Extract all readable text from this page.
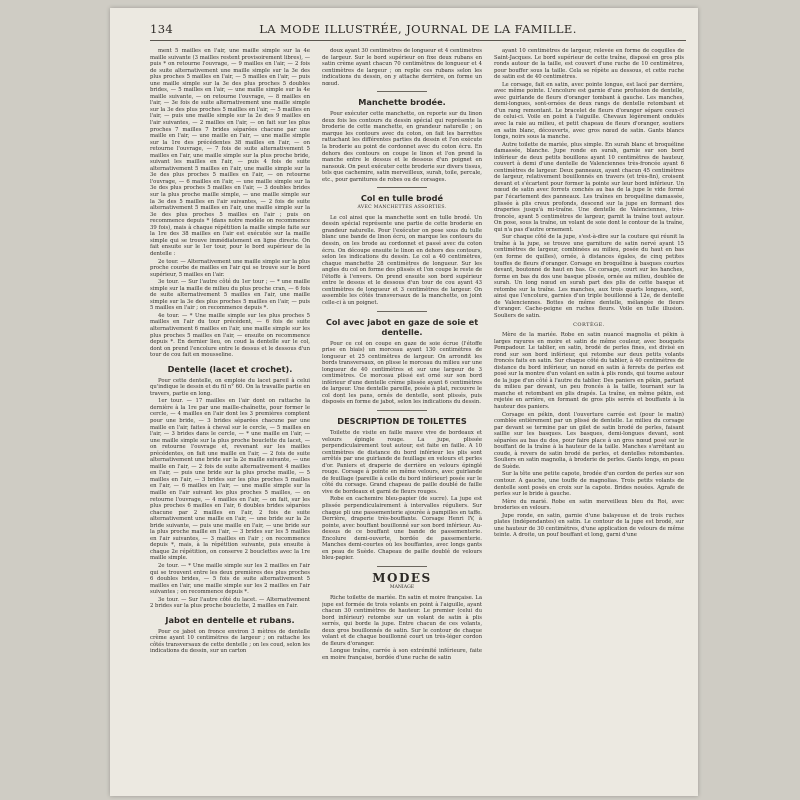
134	LA MODE ILLUSTRÉE, JOURNAL DE LA FAMILLE.

ment 5 mailles en l'air, une maille simple sur la 4e maille suivante (3 mailles restent provisoirement libres), — puis * on retourne l'ouvrage, — 9 mailles en l'air, — 2 fois de suite alternativement une maille simple sur la 3e des plus proches 5 mailles en l'air, — 5 mailles en l'air, — puis une maille simple sur la 3e des plus proches 5 doubles brides, — 5 mailles en l'air, — une maille simple sur la 4e maille suivante, — on retourne l'ouvrage, — 8 mailles en l'air, — 3e fois de suite alternativement une maille simple sur la 3e des plus proches 5 mailles en l'air, — 5 mailles en l'air, — puis une maille simple sur la 2e des 9 mailles en l'air suivantes, — 2 mailles en l'air, — on fait sur les plus proches 7 mailles 7 brides séparées chacune par une maille en l'air, — une maille en l'air, — une maille simple sur la 1re des précédentes 38 mailles en l'air, — on retourne l'ouvrage, — 7 fois de suite alternativement 5 mailles en l'air, une maille simple sur la plus proche bride, suivant les mailles en l'air, — puis 4 fois de suite alternativement 5 mailles en l'air, une maille simple sur la 3e des plus proches 5 mailles en l'air, — on retourne l'ouvrage, — 6 mailles en l'air, — une maille simple sur la 3e des plus proches 5 mailles en l'air, — 3 doubles brides sur la plus proche maille simple, — une maille simple sur la 3e des 5 mailles en l'air suivantes, — 2 fois de suite alternativement 5 mailles en l'air, une maille simple sur la 3e des plus proches 5 mailles en l'air ; puis on recommence depuis * (dans notre modèle on recommence 39 fois), mais à chaque répétition la maille simple faite sur la 1re des 38 mailles en l'air est exécutée sur la maille simple qui se trouve immédiatement en ligne directe. On fait ensuite sur le 1er tour, pour le bord supérieur de la dentelle :

2e tour. — Alternativement une maille simple sur la plus proche courbe de mailles en l'air qui se trouve sur le bord supérieur, 5 mailles en l'air.

3e tour. — Sur l'autre côté du 1er tour ; — * une maille simple sur la maille de milieu du plus proche cran, — 6 fois de suite alternativement 5 mailles en l'air, une maille simple sur la 3e des plus proches 5 mailles en l'air, — puis 5 mailles en l'air ; on recommence depuis *.

4e tour. — * Une maille simple sur les plus proches 5 mailles en l'air du tour précédent, — 6 fois de suite alternativement 6 mailles en l'air, une maille simple sur les plus proches 5 mailles en l'air, — ensuite on recommence depuis *. En dernier lieu, on coud la dentelle sur le col, dont on prend l'encolure entre le dessus et le dessous d'un tour de cou fait en mousseline.

Dentelle (lacet et crochet).

Pour cette dentelle, on emploie du lacet pareil à celui qu'indique le dessin et du fil n° 60. On la travaille partie en travers, partie en long.

1er tour. — 17 mailles en l'air dont on rattache la dernière à la 1re par une maille-chaînette, pour former le cercle, — 4 mailles en l'air dont les 3 premières comptent pour une bride, — 3 brides séparées chacune par une maille en l'air, faites à cheval sur le cercle, — 5 mailles en l'air, — 3 brides dans le cercle, — * une maille en l'air, — une maille simple sur la plus proche bouclette du lacet, — on retourne l'ouvrage et, revenant sur les mailles précédentes, on fait une maille en l'air, — 2 fois de suite alternativement une bride sur la 2e maille suivante, — une maille en l'air, — 2 fois de suite alternativement 4 mailles en l'air, — puis une bride sur la plus proche maille, — 5 mailles en l'air, — 3 brides sur les plus proches 5 mailles en l'air, — 6 mailles en l'air, — une maille simple sur la maille en l'air suivant les plus proches 5 mailles, — on retourne l'ouvrage, — 4 mailles en l'air, — on fait, sur les plus proches 6 mailles en l'air, 6 doubles brides séparées chacune par 2 mailles en l'air, 2 fois de suite alternativement une maille en l'air, — une bride sur la 2e bride suivante, — puis une maille en l'air, — une bride sur la plus proche maille en l'air, — 3 brides sur les 5 mailles en l'air suivantes, — 3 mailles en l'air ; on recommence depuis *, mais, à la répétition suivante, puis ensuite à chaque 2e répétition, on conserve 2 bouclettes avec la 1re maille simple.

2e tour. — * Une maille simple sur les 2 mailles en l'air qui se trouvent entre les deux premières des plus proches 6 doubles brides, — 5 fois de suite alternativement 5 mailles en l'air, une maille simple sur les 2 mailles en l'air suivantes ; on recommence depuis *.

3e tour. — Sur l'autre côté du lacet. — Alternativement 2 brides sur la plus proche bouclette, 2 mailles en l'air.

Jabot en dentelle et rubans.

Pour ce jabot on fronce environ 3 mètres de dentelle crème ayant 10 centimètres de largeur ; on rattache les côtés transversaux de cette dentelle ; on les coud, selon les indications du dessin, sur un carton

doux ayant 30 centimètres de longueur et 4 centimètres de largeur. Sur le bord supérieur on fixe deux rubans en satin crème ayant chacun 70 centimètres de longueur et 4 centimètres de largeur ; on replie ces rubans selon les indications du dessin, on y attache derrière, on forme un nœud.

Manchette brodée.

Pour exécuter cette manchette, on reporte sur du linon deux fois les contours du dessin spécial qui représente la broderie de cette manchette, en grandeur naturelle ; on marque les contours avec du coton, on fait les barrettes rattachant les différentes parties du dessin et l'on exécute la broderie au point de cordonnet avec du coton écru. En dehors des contours on coupe le linon et l'on prend la manche entre le dessus et le dessous d'un poignet en nansouk. On peut exécuter cette broderie sur divers tissus, tels que cachemire, satin merveilleux, surah, toile, percale, etc., pour garnitures de robes ou de corsages.

Col en tulle brodé
AVEC MANCHETTES ASSORTIES.

Le col ainsi que la manchette sont en tulle brodé. Un dessin spécial représente une partie de cette broderie en grandeur naturelle. Pour l'exécuter on pose sous du tulle blanc une bande de linon écru, on marque les contours du dessin, on les brode au cordonnet et passé avec du coton écru. On découpe ensuite le linon en dehors des contours, selon les indications du dessin. Le col a 40 centimètres, chaque manchette 28 centimètres de longueur. Sur les angles du col on forme des plissés et l'on coupe le reste de l'étoffe à l'envers. On prend ensuite son bord supérieur entre le dessus et le dessous d'un tour de cou ayant 43 centimètres de longueur et 3 centimètres de largeur. On assemble les côtés transversaux de la manchette, on joint celle-ci à un poignet.

Col avec jabot en gaze de soie et dentelle.

Pour ce col on coupe en gaze de soie écrue (l'étoffe prise en biais) un morceau ayant 130 centimètres de longueur et 25 centimètres de largeur. On arrondit les bords transversaux, on plisse le morceau du milieu sur une longueur de 40 centimètres et sur une largeur de 3 centimètres. Ce morceau plissé est orné sur son bord inférieur d'une dentelle crème plissée ayant 6 centimètres de largeur. Une dentelle pareille, posée à plat, recouvre le col dont les pans, ornés de dentelle, sont plissés, puis disposés en forme de jabot, selon les indications du dessin.

DESCRIPTION DE TOILETTES

Toilette de visite en faille mauve vive de bordeaux et velours épingle rouge. La jupe, plissée perpendiculairement tout autour, est faite en faille. A 10 centimètres de distance du bord inférieur les plis sont arrêtés par une guirlande de feuillage en velours et perles d'or. Paniers et draperie de derrière en velours épinglé rouge. Corsage à pointe en même velours, avec guirlande de feuillage (pareille à celle du bord inférieur) posée sur le côté du corsage. Grand chapeau de paille doublé de faille vive de bordeaux et garni de fleurs rouges.

Robe en cachemire bleu-papier (de sucre). La jupe est plissée perpendiculairement à intervalles réguliers. Sur chaque pli une passementerie ajourée à pampilles en taffe. Derrière, draperie très-bouffante. Corsage Henri IV, à pointe, avec bouffant bouillonné sur son bord inférieur. Au-dessus de ce bouffant une bande de passementerie. Encolure demi-ouverte, bordée de passementerie. Manches demi-courtes où les bouffantes, avec longs gants en peau de Suède. Chapeau de paille doublé de velours bleu-papier.

MODES
MANIAGE

Riche toilette de mariée. En satin et moire française. La jupe est formée de trois volants en point à l'aiguille, ayant chacun 30 centimètres de hauteur. Le premier (celui du bord inférieur) retombe sur un volant de satin à plis serrés, qui borde la jupe. Entre chacun de ces volants, deux gros bouillonnés de satin. Sur le contour de chaque volant et de chaque bouillonné court un très-léger cordon de fleurs d'oranger.

Longue traîne, carrée à son extrémité inférieure, faite en moire française, bordée d'une ruche de satin

ayant 10 centimètres de largeur, relevée en forme de coquilles de Saint-Jacques. Le bord supérieur de cette traîne, disposé en gros plis ronds autour de la taille, est couvert d'une ruche de 10 centimètres, pour bouffer sous la taille. Cela se répète au dessous, et cette ruche de satin est de 40 centimètres.

Le corsage, fait en satin, avec pointe longue, est lacé par derrière, avec même pointe. L'encolure est garnie d'une profusion de dentelle, avec guirlande de fleurs d'oranger tombant à gauche. Les manches, demi-longues, sont-ornées de deux rangs de dentelle retombant et d'un rang remontant. Le bracelet de fleurs d'oranger sépare ceux-ci de celui-ci. Voile en point à l'aiguille. Chevaux légèrement ondulés avec la raie au milieu, et petit chapeau de fleurs d'oranger, soutiers en satin blanc, découverts, avec gros nœud de satin. Gants blancs longs, noirs sous la manche.

Autre toilette de mariée, plus simple. En surah blanc et broquéline damassée, blanche. Jupe ronde en surah, garnie sur son bord inférieur de deux petits bouillons ayant 10 centimètres de hauteur, couvert à demi d'une dentelle de Valenciennes très-froncée ayant 6 centimètres de largeur. Deux panneaux, ayant chacun 45 centimètres de largeur, relativement bouillonnés en travers (et très-fin), croisent devant et s'écartent pour former la pointe sur leur bord inférieur. Un nœud de satin avec forrets conchés au bas de la jupe le vide formé par l'écartement des panneaux. Les traînes en broquéline damassée, plissée à plis creux profonds, descend sur la jupe en formant des draperies jusqu'à mi-traîne. Une dentelle de Valenciennes, très-froncée, ayant 5 centimètres de largeur, garnit la traîne tout autour. On pose, sous la traîne, un volant de soie dont le contour de la traîne, qui n'a pas d'autre ornement.

Sur chaque côté de la jupe, s'est-à-dire sur la couture qui réunit la traîne à la jupe, se trouve une garniture de satin nervé ayant 15 centimètres de largeur, combinées au milieu, posée du haut en bas (en forme de quilles), ornée, à distances égales, de cinq petites touffes de fleurs d'oranger. Corsage en broquéline à basques courtes devant, boutonné de haut en bas. Ce corsage, court sur les hanches, forme en bas du dos une basque plissée, ornée au milieu, doublée de surah. Un long nœud en surah part des plis de cette basque et retombe sur la traîne. Les manches, aux trois quarts longues, sont, ainsi que l'encolure, garnies d'un triple bouillonné à 12e, de dentelle de Valenciennes. Bottes de même dentelle, mélangée de fleurs d'oranger. Cache-peigne en ruches fleurs. Voile en tulle illusion. Souliers de satin.

CORTÈGE.

Mère de la mariée. Robe en satin nuancé magnolia et pékin à larges rayures en moire et satin de même couleur, avec bouquets Pompadour. Le tablier, en satin, brodé de perles fines, est divisé en rond sur son bord inférieur, qui retombe sur deux petits volants froncés faits en satin. Sur chaque côté du tablier, à 40 centimètres de distance du bord inférieur, un nœud en satin à ferrets de perles est posé sur la montre d'un volant en satin à plis ronds, qui tourne autour de la jupe d'un côté à l'autre du tablier. Des paniers en pékin, partant du milieu par devant, un peu froncés à la taille, tournant sur la manche et retombant en plis drapés. La traîne, en même pékin, est rejetée en arrière, en formant de gros plis serrés et bouffants à la hauteur des paniers.

Corsage en pékin, dont l'ouverture carrée est (pour le matin) comblée entièrement par un plissé de dentelle. Le milieu du corsage par devant se termine par un gilet de satin brodé de perles, faisant saillie sur les basques. Les basques, demi-longues devant, sont séparées au bas du dos, pour faire place à un gros nœud posé sur le bouffant de la traîne à la hauteur de la taille. Manches s'arrêtant au coude, à revers de satin brodé de perles, et dentelles retombantes. Souliers en satin magnolia, à broderie de perles. Gants longs, en peau de Suède.

Sur la tête une petite capote, brodée d'un cordon de perles sur son contour. A gauche, une touffe de magnolias. Trois petits volants de dentelle sont posés en croix sur la capote. Brides nouées. Agrafe de perles sur le bride à gauche.

Mère du marié. Robe en satin merveilleux bleu du Roi, avec broderies en velours.

Jupe ronde, en satin, garnie d'une balayeuse et de trois ruches plates (indépendantes) en satin. Le contour de la jupe est brodé, sur une hauteur de 30 centimètres, d'une application de velours de même teinte. A droite, un pouf bouffant et long, garni d'une
